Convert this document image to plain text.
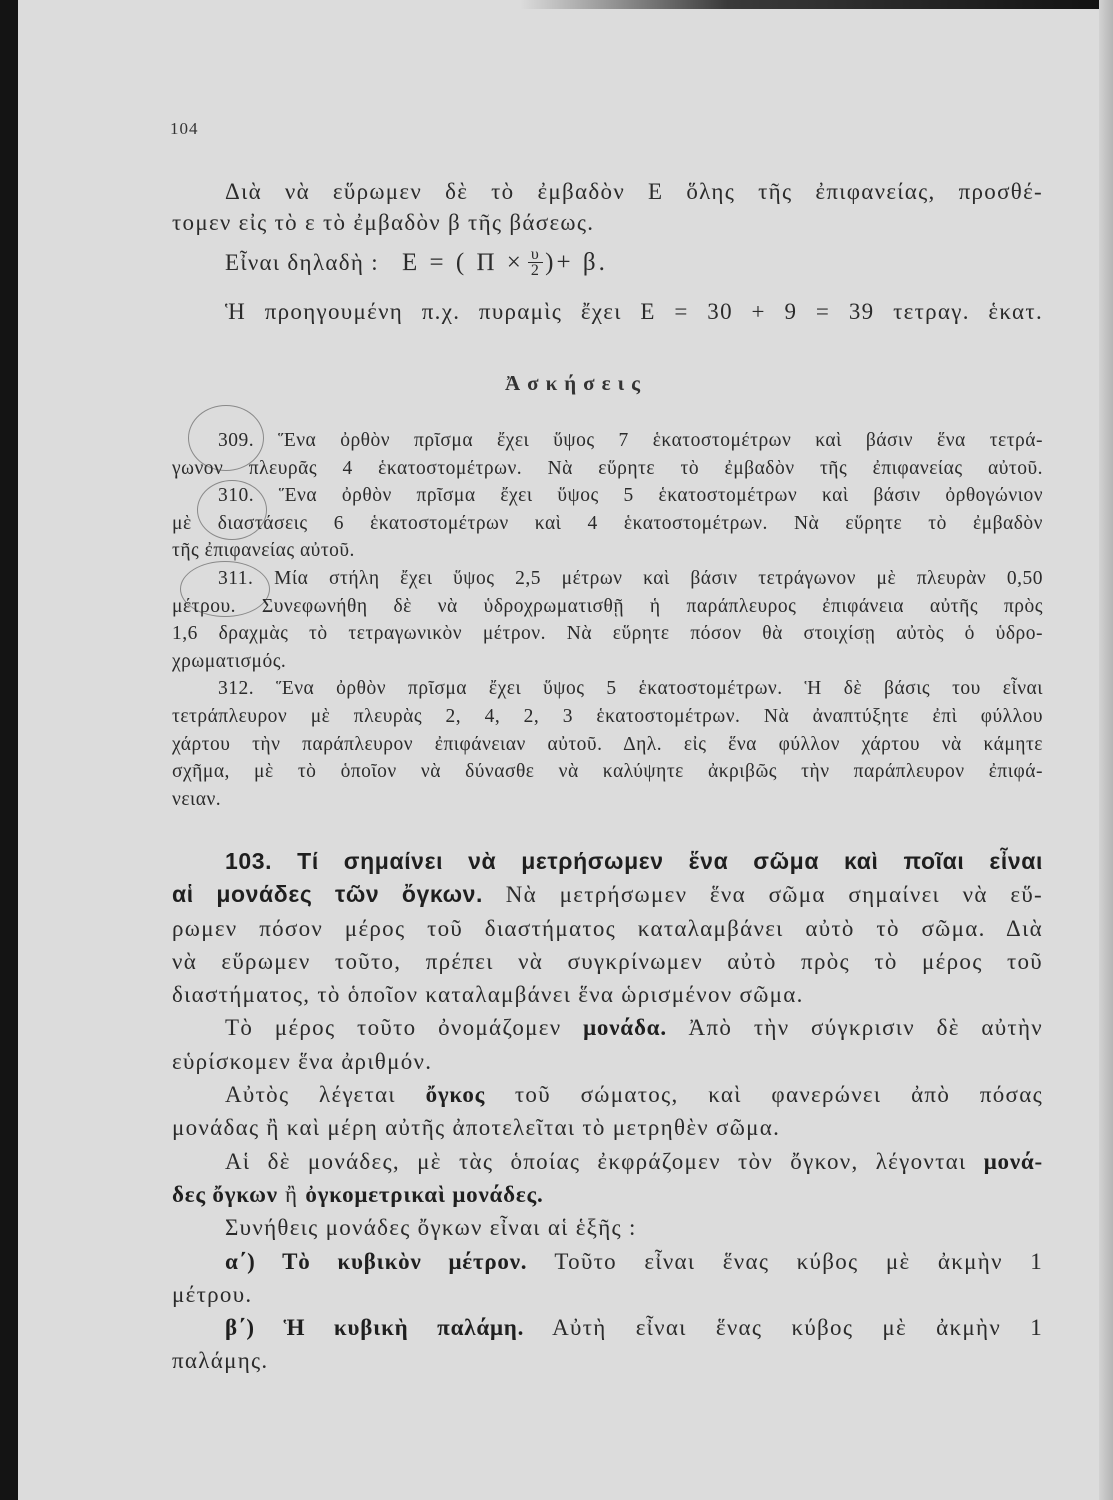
104
Διὰ νὰ εὕρωμεν δὲ τὸ ἐμβαδὸν Ε ὅλης τῆς ἐπιφανείας, προσθέ-
τομεν εἰς τὸ ε τὸ ἐμβαδὸν β τῆς βάσεως.
Εἶναι δηλαδὴ : Ε = ( $\Pi \times \frac{\upsilon}{2}$ )+ β.
Ἡ προηγουμένη π.χ. πυραμὶς ἔχει Ε = 30 + 9 = 39 τετραγ. ἑκατ.
Ἀσκήσεις
309. Ἕνα ὀρθὸν πρῖσμα ἔχει ὕψος 7 ἑκατοστομέτρων καὶ βάσιν ἕνα τετρά-
γωνον πλευρᾶς 4 ἑκατοστομέτρων. Νὰ εὕρητε τὸ ἐμβαδὸν τῆς ἐπιφανείας αὐτοῦ.
310. Ἕνα ὀρθὸν πρῖσμα ἔχει ὕψος 5 ἑκατοστομέτρων καὶ βάσιν ὀρθογώνιον
μὲ διαστάσεις 6 ἑκατοστομέτρων καὶ 4 ἑκατοστομέτρων. Νὰ εὕρητε τὸ ἐμβαδὸν
τῆς ἐπιφανείας αὐτοῦ.
311. Μία στήλη ἔχει ὕψος 2,5 μέτρων καὶ βάσιν τετράγωνον μὲ πλευρὰν 0,50
μέτρου. Συνεφωνήθη δὲ νὰ ὑδροχρωματισθῇ ἡ παράπλευρος ἐπιφάνεια αὐτῆς πρὸς
1,6 δραχμὰς τὸ τετραγωνικὸν μέτρον. Νὰ εὕρητε πόσον θὰ στοιχίσῃ αὐτὸς ὁ ὑδρο-
χρωματισμός.
312. Ἕνα ὀρθὸν πρῖσμα ἔχει ὕψος 5 ἑκατοστομέτρων. Ἡ δὲ βάσις του εἶναι
τετράπλευρον μὲ πλευρὰς 2, 4, 2, 3 ἑκατοστομέτρων. Νὰ ἀναπτύξητε ἐπὶ φύλλου
χάρτου τὴν παράπλευρον ἐπιφάνειαν αὐτοῦ. Δηλ. εἰς ἕνα φύλλον χάρτου νὰ κάμητε
σχῆμα, μὲ τὸ ὁποῖον νὰ δύνασθε νὰ καλύψητε ἀκριβῶς τὴν παράπλευρον ἐπιφά-
νειαν.
103. Τί σημαίνει νὰ μετρήσωμεν ἕνα σῶμα καὶ ποῖαι εἶναι
αἱ μονάδες τῶν ὄγκων. Νὰ μετρήσωμεν ἕνα σῶμα σημαίνει νὰ εὕ-
ρωμεν πόσον μέρος τοῦ διαστήματος καταλαμβάνει αὐτὸ τὸ σῶμα. Διὰ
νὰ εὕρωμεν τοῦτο, πρέπει νὰ συγκρίνωμεν αὐτὸ πρὸς τὸ μέρος τοῦ
διαστήματος, τὸ ὁποῖον καταλαμβάνει ἕνα ὡρισμένον σῶμα.
Τὸ μέρος τοῦτο ὀνομάζομεν μονάδα. Ἀπὸ τὴν σύγκρισιν δὲ αὐτὴν
εὑρίσκομεν ἕνα ἀριθμόν.
Αὐτὸς λέγεται ὄγκος τοῦ σώματος, καὶ φανερώνει ἀπὸ πόσας
μονάδας ἢ καὶ μέρη αὐτῆς ἀποτελεῖται τὸ μετρηθὲν σῶμα.
Αἱ δὲ μονάδες, μὲ τὰς ὁποίας ἐκφράζομεν τὸν ὄγκον, λέγονται μονά-
δες ὄγκων ἢ ὀγκομετρικαὶ μονάδες.
Συνήθεις μονάδες ὄγκων εἶναι αἱ ἑξῆς :
α΄) Τὸ κυβικὸν μέτρον. Τοῦτο εἶναι ἕνας κύβος μὲ ἀκμὴν 1
μέτρου.
β΄) Ἡ κυβικὴ παλάμη. Αὐτὴ εἶναι ἕνας κύβος μὲ ἀκμὴν 1
παλάμης.
